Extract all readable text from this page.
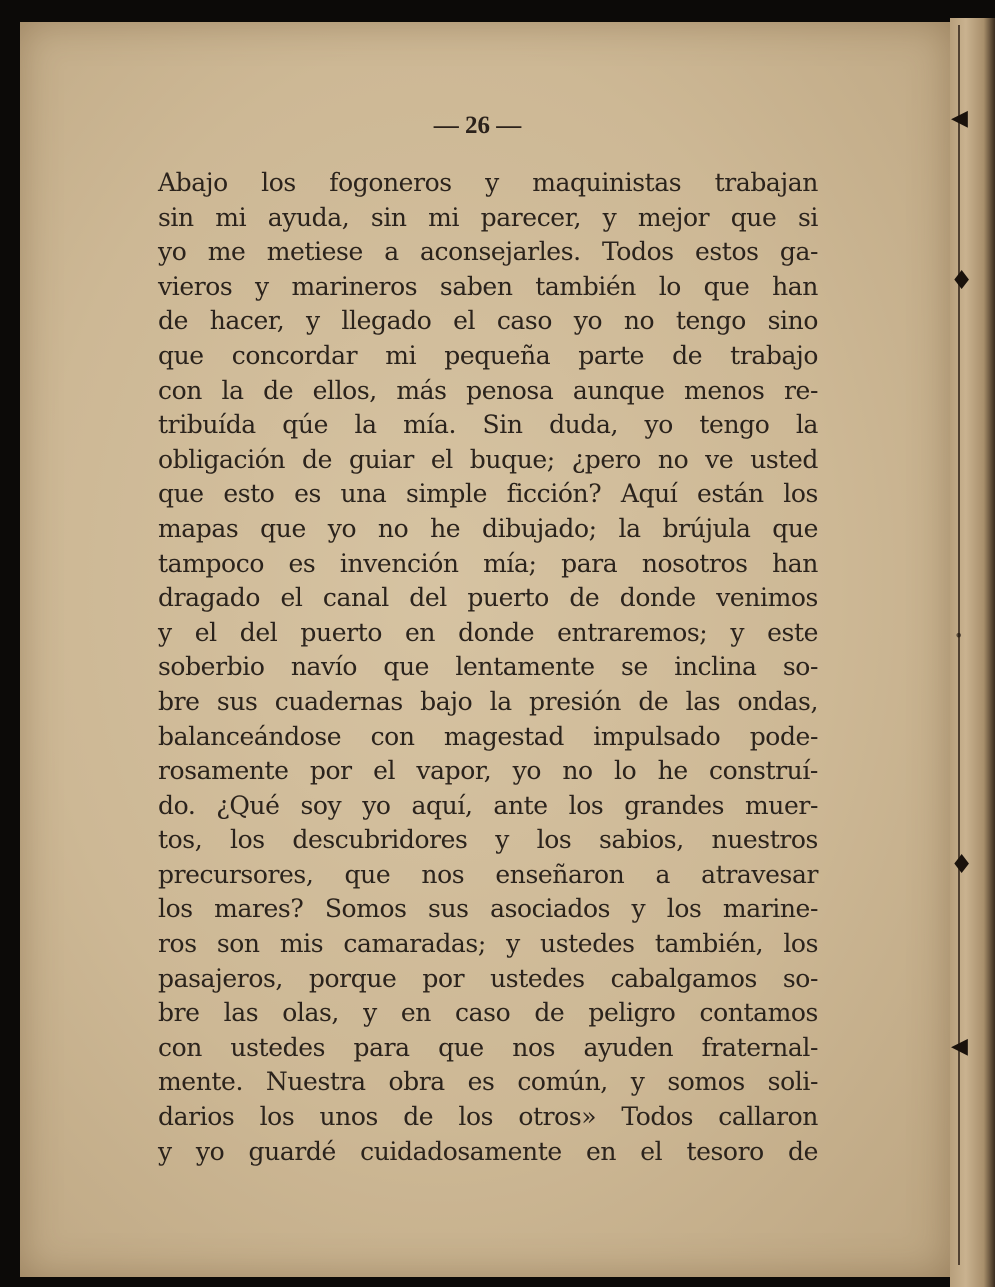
◀
♦
•
♦
◀

— 26 —

Abajo los fogoneros y maquinistas trabajan
sin mi ayuda, sin mi parecer, y mejor que si
yo me metiese a aconsejarles. Todos estos ga-
vieros y marineros saben también lo que han
de hacer, y llegado el caso yo no tengo sino
que concordar mi pequeña parte de trabajo
con la de ellos, más penosa aunque menos re-
tribuída qúe la mía. Sin duda, yo tengo la
obligación de guiar el buque; ¿pero no ve usted
que esto es una simple ficción? Aquí están los
mapas que yo no he dibujado; la brújula que
tampoco es invención mía; para nosotros han
dragado el canal del puerto de donde venimos
y el del puerto en donde entraremos; y este
soberbio navío que lentamente se inclina so-
bre sus cuadernas bajo la presión de las ondas,
balanceándose con magestad impulsado pode-
rosamente por el vapor, yo no lo he construí-
do. ¿Qué soy yo aquí, ante los grandes muer-
tos, los descubridores y los sabios, nuestros
precursores, que nos enseñaron a atravesar
los mares? Somos sus asociados y los marine-
ros son mis camaradas; y ustedes también, los
pasajeros, porque por ustedes cabalgamos so-
bre las olas, y en caso de peligro contamos
con ustedes para que nos ayuden fraternal-
mente. Nuestra obra es común, y somos soli-
darios los unos de los otros» Todos callaron
y yo guardé cuidadosamente en el tesoro de
